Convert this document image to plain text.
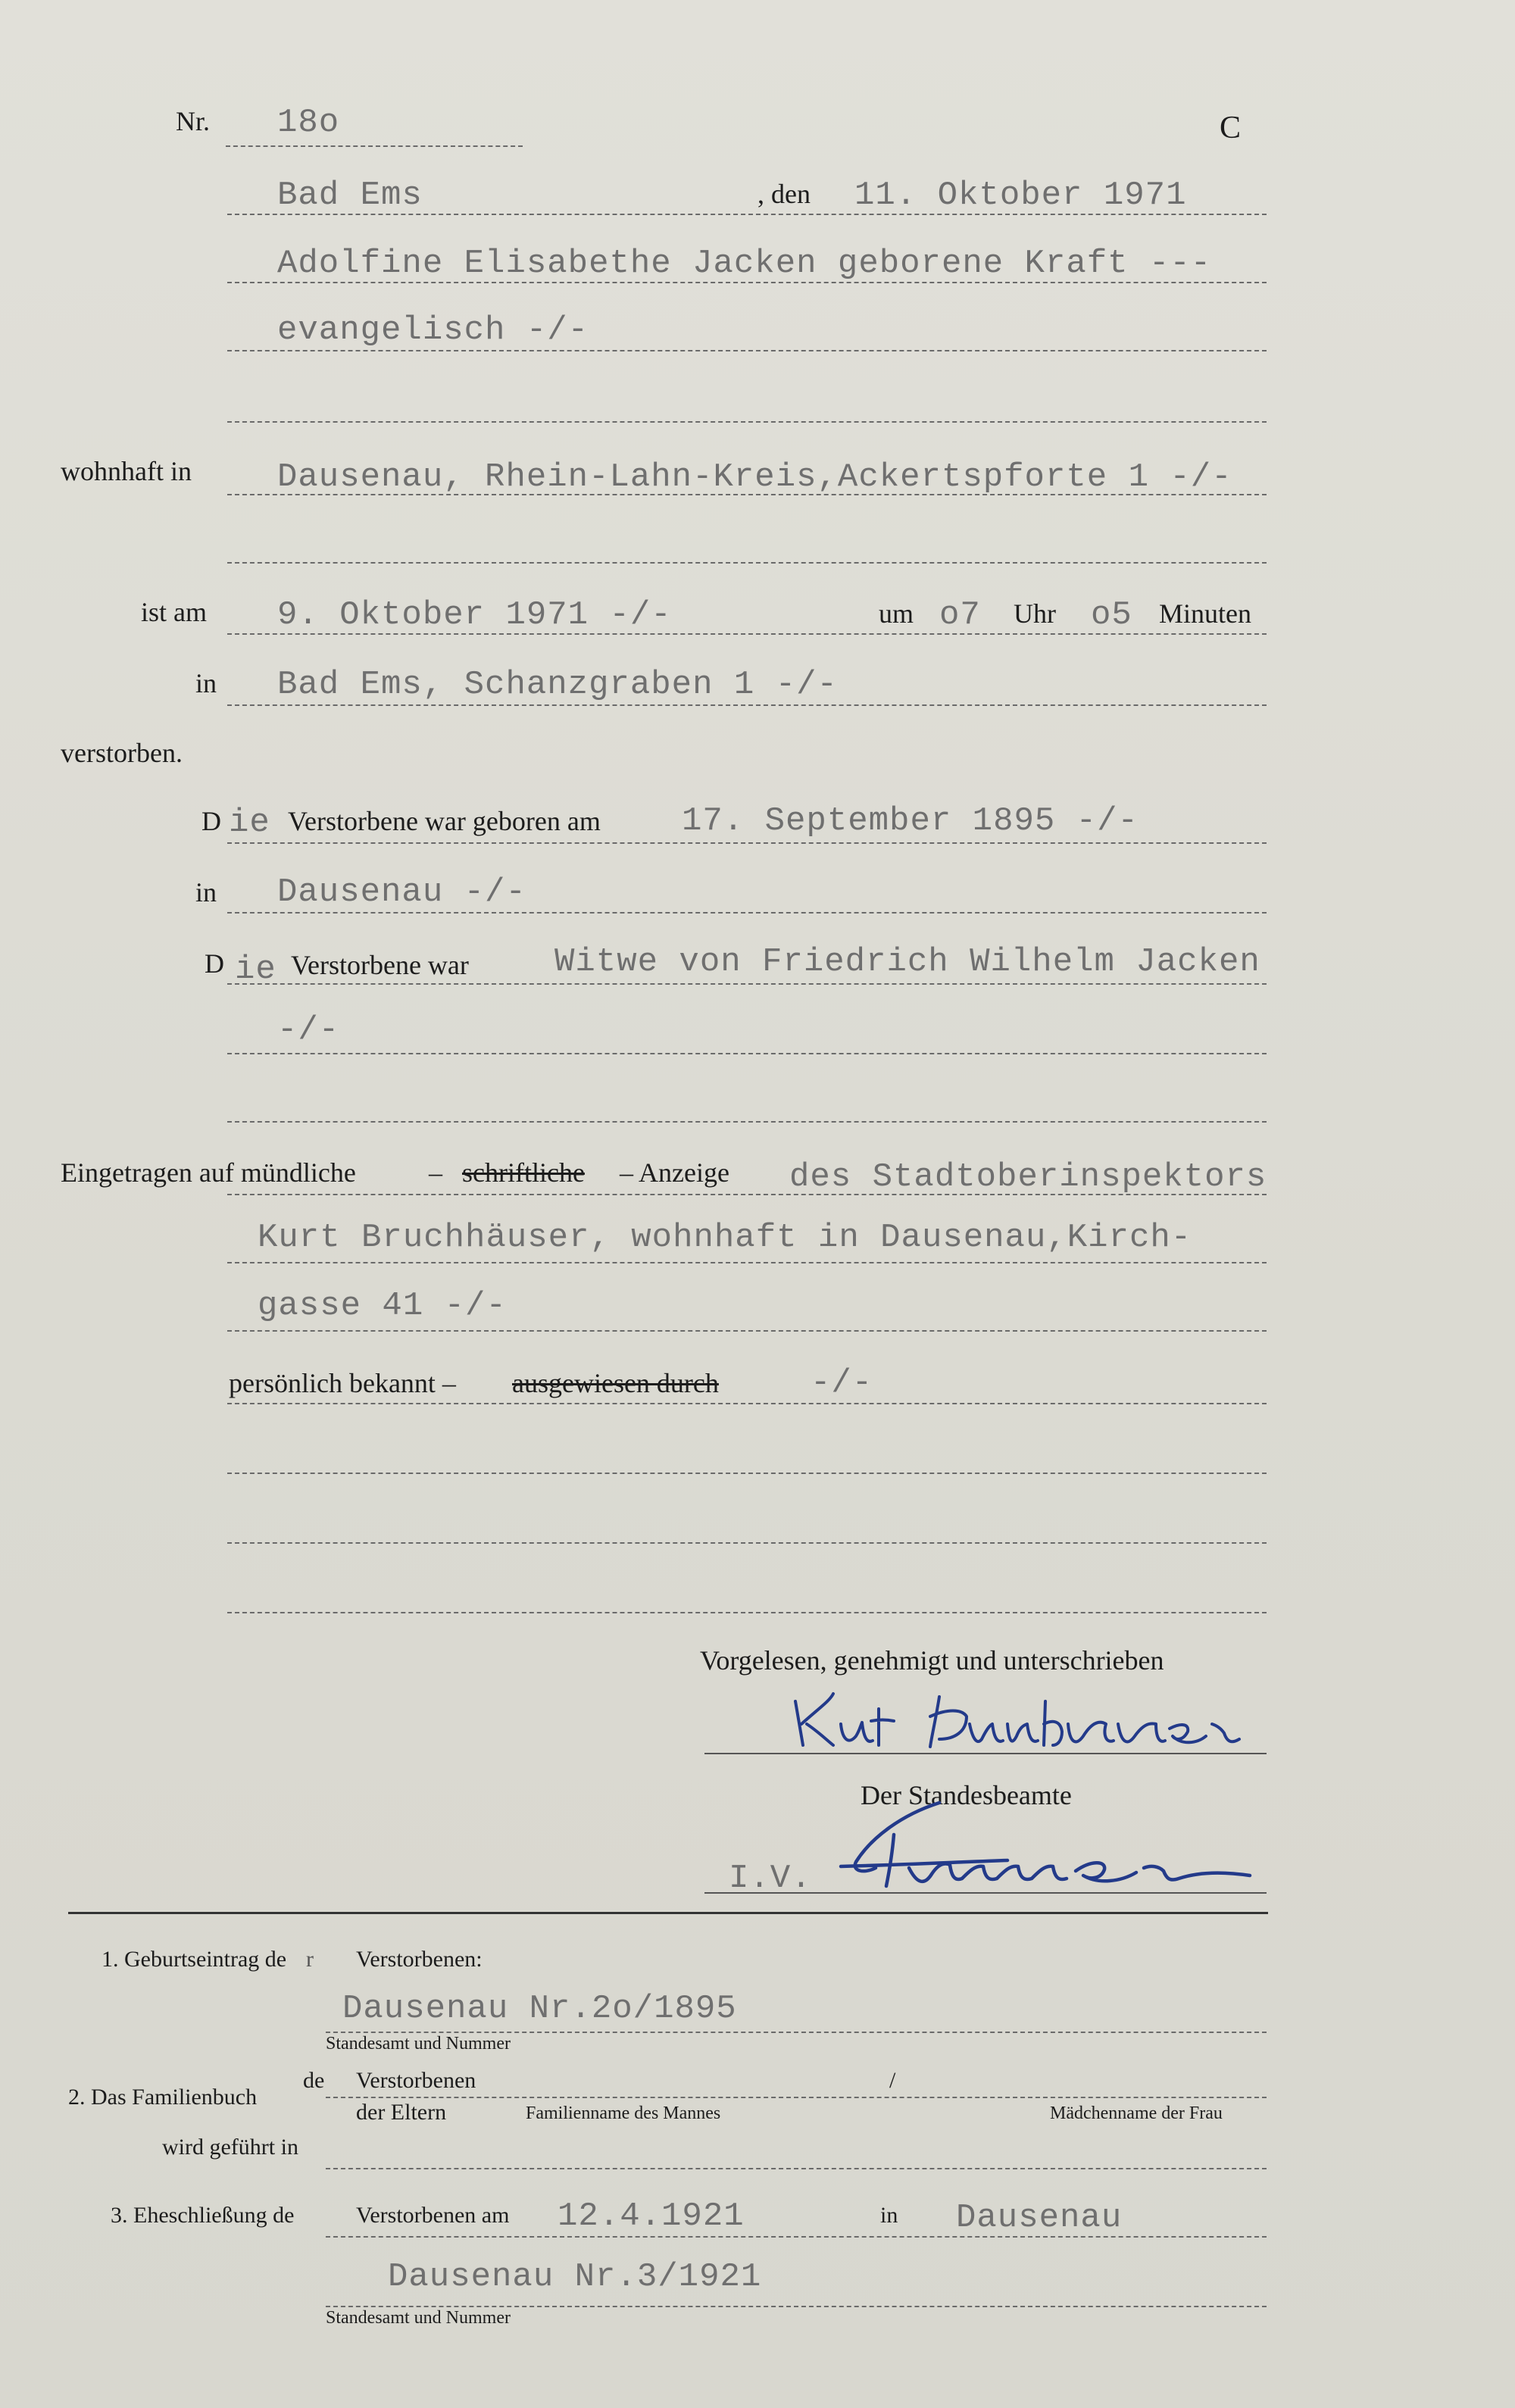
Nr. 18o	C
Bad Ems	, den 11. Oktober 1971
Adolfine Elisabethe Jacken geborene Kraft ---
evangelisch -/-
wohnhaft in	Dausenau, Rhein-Lahn-Kreis,Ackertspforte 1 -/-
ist am 9. Oktober 1971 -/-	um o7 Uhr o5 Minuten
in Bad Ems, Schanzgraben 1 -/-
verstorben.
D ie Verstorbene war geboren am 17. September 1895 -/-
in Dausenau -/-
D ie Verstorbene war	Witwe von Friedrich Wilhelm Jacken
-/-
Eingetragen auf mündliche	– schriftliche – Anzeige des Stadtoberinspektors
Kurt Bruchhäuser, wohnhaft in Dausenau,Kirch-
gasse 41 -/-
persönlich bekannt – ausgewiesen durch	-/-
Vorgelesen, genehmigt und unterschrieben
Der Standesbeamte
I.V.
1. Geburtseintrag de r Verstorbenen:
Dausenau Nr.2o/1895
Standesamt und Nummer
2. Das Familienbuch
de Verstorbenen	/
der Eltern	Familienname des Mannes	Mädchenname der Frau
wird geführt in
3. Eheschließung de	Verstorbenen am 12.4.1921	in Dausenau
Dausenau Nr.3/1921
Standesamt und Nummer
